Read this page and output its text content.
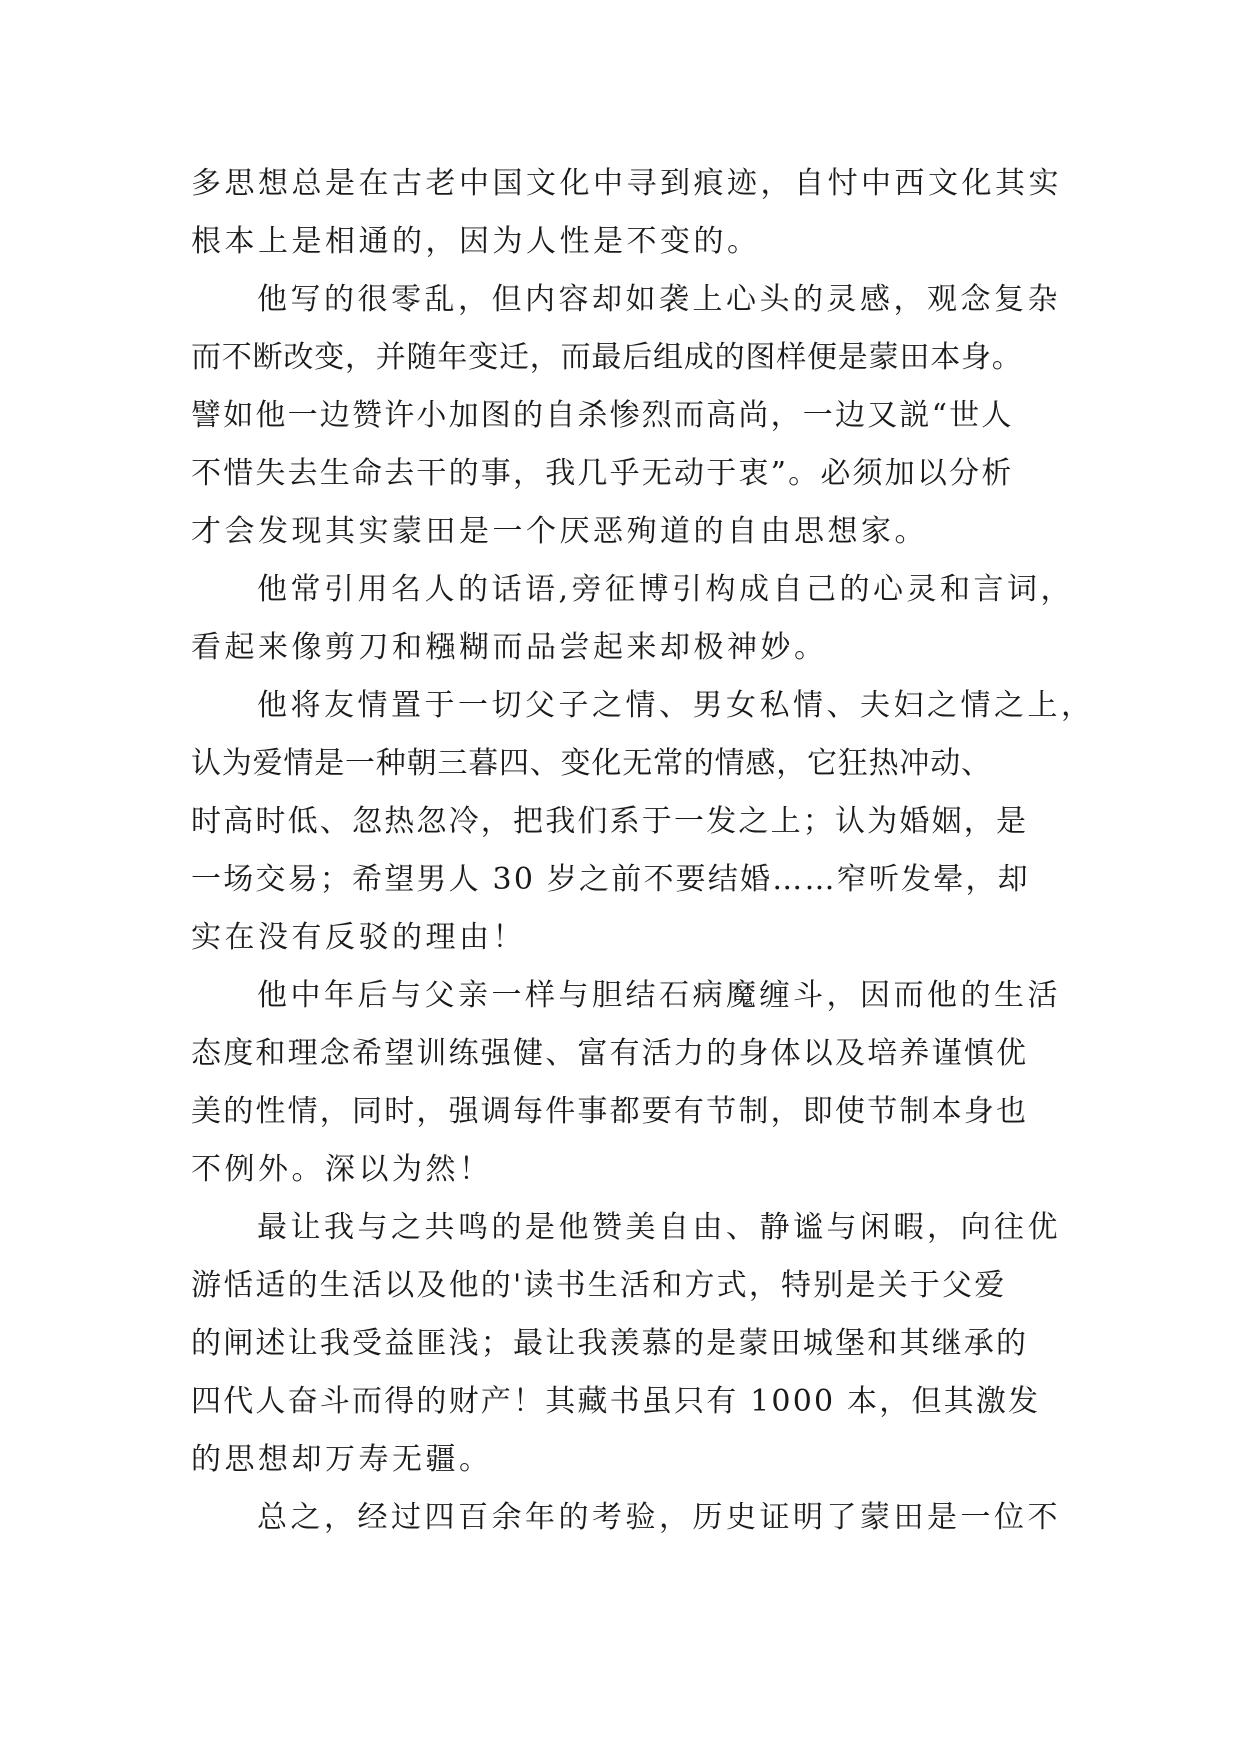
多思想总是在古老中国文化中寻到痕迹，自忖中西文化其实
根本上是相通的，因为人性是不变的。
他写的很零乱，但内容却如袭上心头的灵感，观念复杂
而不断改变，并随年变迁，而最后组成的图样便是蒙田本身。
譬如他一边赞许小加图的自杀惨烈而高尚，一边又説“世人
不惜失去生命去干的事，我几乎无动于衷”。必须加以分析
才会发现其实蒙田是一个厌恶殉道的自由思想家。
他常引用名人的话语,旁征博引构成自己的心灵和言词，
看起来像剪刀和糨糊而品尝起来却极神妙。
他将友情置于一切父子之情、男女私情、夫妇之情之上，
认为爱情是一种朝三暮四、变化无常的情感，它狂热冲动、
时高时低、忽热忽冷，把我们系于一发之上；认为婚姻，是
一场交易；希望男人 30 岁之前不要结婚……窄听发晕，却
实在没有反驳的理由！
他中年后与父亲一样与胆结石病魔缠斗，因而他的生活
态度和理念希望训练强健、富有活力的身体以及培养谨慎优
美的性情，同时，强调每件事都要有节制，即使节制本身也
不例外。深以为然！
最让我与之共鸣的是他赞美自由、静谧与闲暇，向往优
游恬适的生活以及他的'读书生活和方式，特别是关于父爱
的闸述让我受益匪浅；最让我羡慕的是蒙田城堡和其继承的
四代人奋斗而得的财产！其藏书虽只有 1000 本，但其激发
的思想却万寿无疆。
总之，经过四百余年的考验，历史证明了蒙田是一位不
